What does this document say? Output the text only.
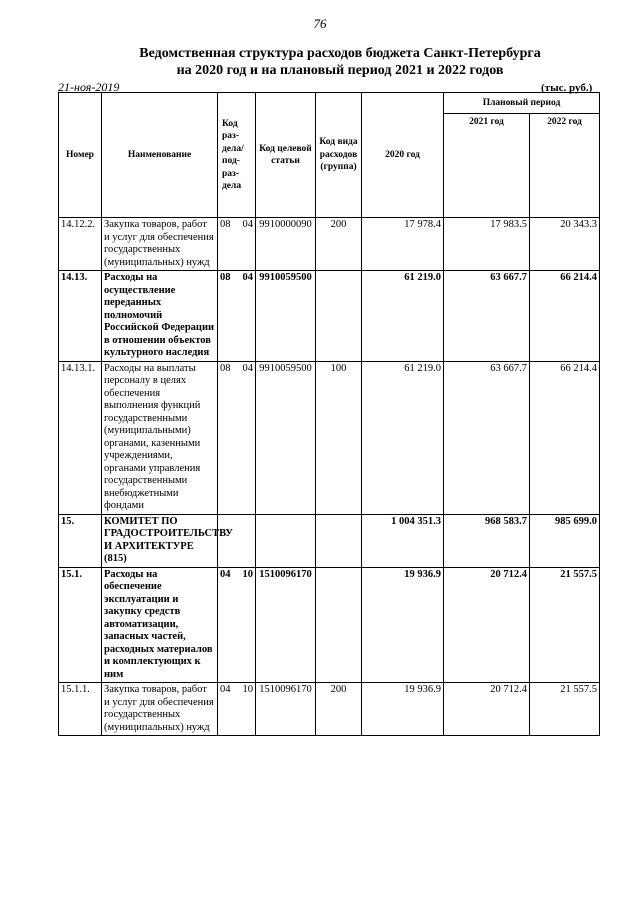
76
Ведомственная структура расходов бюджета Санкт-Петербурга
на 2020 год и на плановый период 2021 и 2022 годов
21-ноя-2019	(тыс. руб.)
Номер	Наименование	Код раз-дела/ под-раз-дела		Код целевой статьи	Код вида расходов (группа)	2020 год	Плановый период	
							2021 год	2022 год
14.12.2.	Закупка товаров, работ и услуг для обеспечения государственных (муниципальных) нужд	08	04	9910000090	200	17 978.4	17 983.5	20 343.3
14.13.	Расходы на осуществление переданных полномочий Российской Федерации в отношении объектов культурного наследия	08	04	9910059500		61 219.0	63 667.7	66 214.4
14.13.1.	Расходы на выплаты персоналу в целях обеспечения выполнения функций государственными (муниципальными) органами, казенными учреждениями, органами управления государственными внебюджетными фондами	08	04	9910059500	100	61 219.0	63 667.7	66 214.4
15.	КОМИТЕТ ПО ГРАДОСТРОИТЕЛЬСТВУ И АРХИТЕКТУРЕ (815)					1 004 351.3	968 583.7	985 699.0
15.1.	Расходы на обеспечение эксплуатации и закупку средств автоматизации, запасных частей, расходных материалов и комплектующих к ним	04	10	1510096170		19 936.9	20 712.4	21 557.5
15.1.1.	Закупка товаров, работ и услуг для обеспечения государственных (муниципальных) нужд	04	10	1510096170	200	19 936.9	20 712.4	21 557.5
